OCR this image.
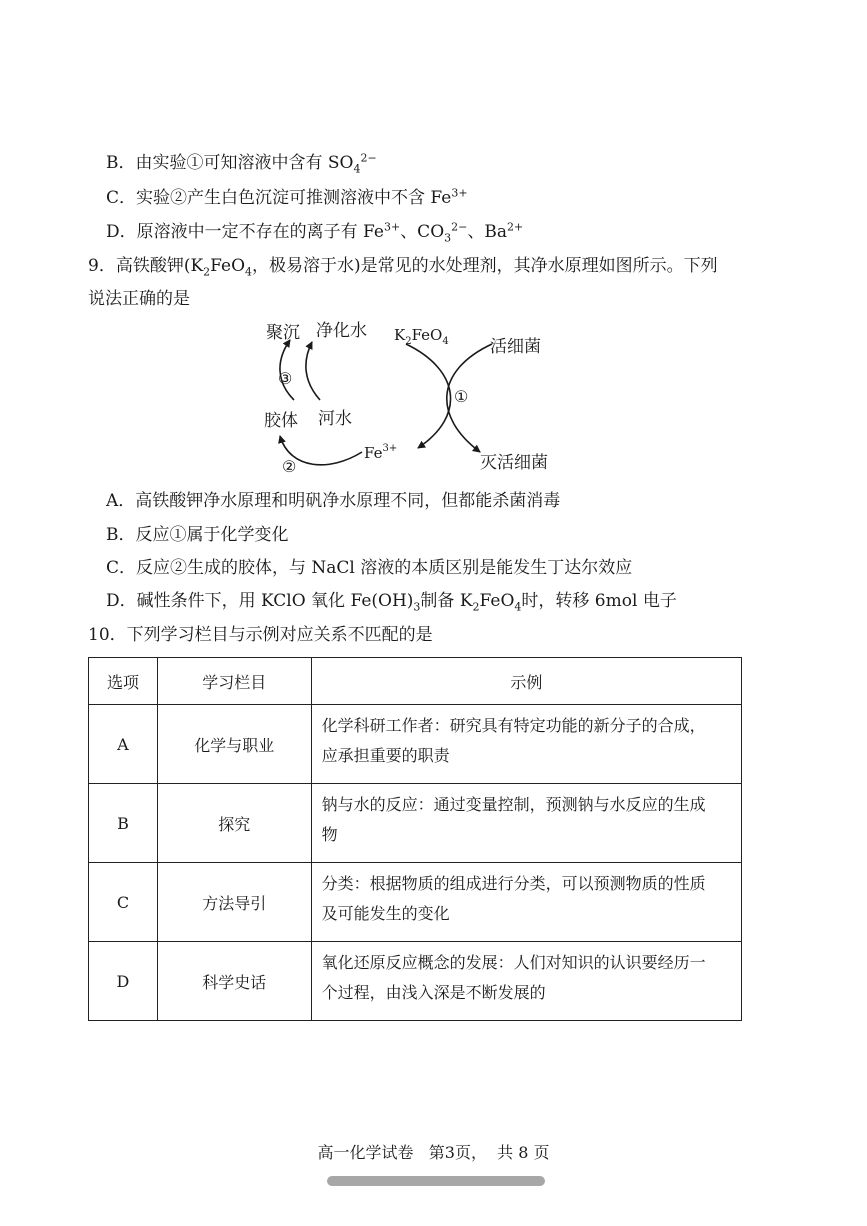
B．由实验①可知溶液中含有 $SO_4^{2-}$
C．实验②产生白色沉淀可推测溶液中不含 $Fe^{3+}$
D．原溶液中一定不存在的离子有 $Fe^{3+}$、$CO_3^{2-}$、$Ba^{2+}$
9．高铁酸钾($K_2FeO_4$，极易溶于水)是常见的水处理剂，其净水原理如图所示。下列
说法正确的是
聚沉 净化水
③
胶体 河水
②
$K_2FeO_4$ 活细菌
①
$Fe^{3+}$
灭活细菌
A．高铁酸钾净水原理和明矾净水原理不同，但都能杀菌消毒
B．反应①属于化学变化
C．反应②生成的胶体，与 NaCl 溶液的本质区别是能发生丁达尔效应
D．碱性条件下，用 KClO 氧化 $Fe(OH)_3$制备 $K_2FeO_4$时，转移 6mol 电子
10．下列学习栏目与示例对应关系不匹配的是
选项	学习栏目	示例
A	化学与职业	化学科研工作者：研究具有特定功能的新分子的合成，
应承担重要的职责
B	探究	钠与水的反应：通过变量控制，预测钠与水反应的生成
物
C	方法导引	分类：根据物质的组成进行分类，可以预测物质的性质
及可能发生的变化
D	科学史话	氧化还原反应概念的发展：人们对知识的认识要经历一
个过程，由浅入深是不断发展的
高一化学试卷   第3页，  共 8 页
